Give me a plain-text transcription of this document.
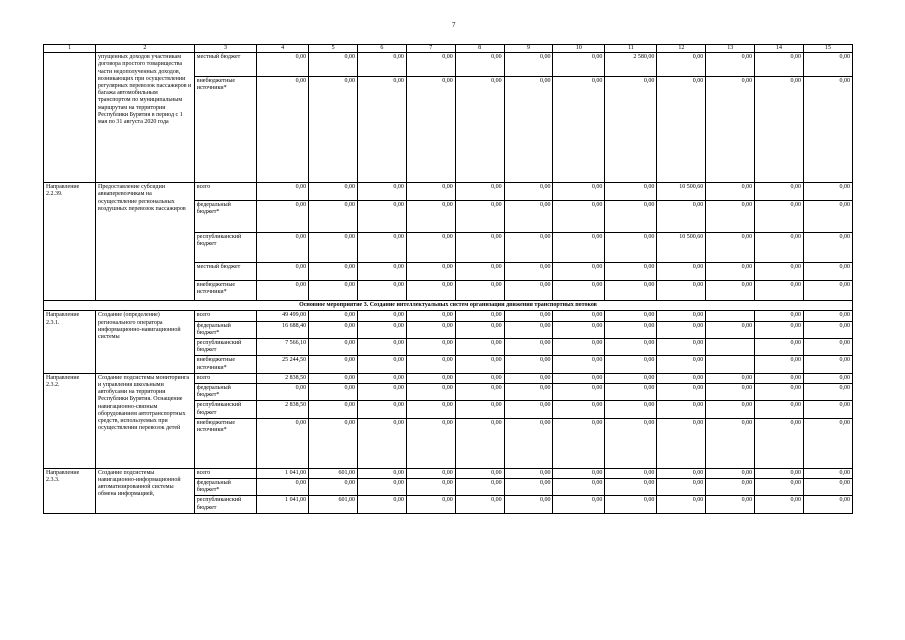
7
1	2	3	4	5	6	7	8	9	10	11	12	13	14	15
	упущенных доходов участникам договора простого товарищества части недополученных доходов, возникающих при осуществлении регулярных перевозок пассажиров и багажа автомобильным транспортом по муниципальным маршрутам на территории Республики Бурятия в период с 1 мая по 31 августа 2020 года	местный бюджет	0,00	0,00	0,00	0,00	0,00	0,00	0,00	2 580,00	0,00	0,00	0,00	0,00
		внебюджетные источники*	0,00	0,00	0,00	0,00	0,00	0,00	0,00	0,00	0,00	0,00	0,00	0,00
Направление 2.2.39.	Предоставление субсидии авиаперевозчикам на осуществление региональных воздушных перевозок пассажиров	всего	0,00	0,00	0,00	0,00	0,00	0,00	0,00	0,00	10 500,60	0,00	0,00	0,00
		федеральный бюджет*	0,00	0,00	0,00	0,00	0,00	0,00	0,00	0,00	0,00	0,00	0,00	0,00
		республиканский бюджет	0,00	0,00	0,00	0,00	0,00	0,00	0,00	0,00	10 500,60	0,00	0,00	0,00
		местный бюджет	0,00	0,00	0,00	0,00	0,00	0,00	0,00	0,00	0,00	0,00	0,00	0,00
		внебюджетные источники*	0,00	0,00	0,00	0,00	0,00	0,00	0,00	0,00	0,00	0,00	0,00	0,00
Основное мероприятие 3. Создание интеллектуальных систем организации движения транспортных потоков														
Направление 2.3.1.	Создание (определение) регионального оператора информационно-навигационной системы	всего	49 499,00	0,00	0,00	0,00	0,00	0,00	0,00	0,00	0,00		0,00	0,00
		федеральный бюджет*	16 688,40	0,00	0,00	0,00	0,00	0,00	0,00	0,00	0,00	0,00	0,00	0,00
		республиканский бюджет	7 566,10	0,00	0,00	0,00	0,00	0,00	0,00	0,00	0,00		0,00	0,00
		внебюджетные источники*	25 244,50	0,00	0,00	0,00	0,00	0,00	0,00	0,00	0,00		0,00	0,00
Направление 2.3.2.	Создание подсистемы мониторинга и управления школьными автобусами на территории Республики Бурятия. Оснащение навигационно-связным оборудованием автотранспортных средств, используемых при осуществлении перевозок детей	всего	2 838,50	0,00	0,00	0,00	0,00	0,00	0,00	0,00	0,00	0,00	0,00	0,00
		федеральный бюджет*	0,00	0,00	0,00	0,00	0,00	0,00	0,00	0,00	0,00	0,00	0,00	0,00
		республиканский бюджет	2 838,50	0,00	0,00	0,00	0,00	0,00	0,00	0,00	0,00	0,00	0,00	0,00
		внебюджетные источники*	0,00	0,00	0,00	0,00	0,00	0,00	0,00	0,00	0,00	0,00	0,00	0,00
Направление 2.3.3.	Создание подсистемы навигационно-информационной автоматизированной системы обмена информацией,	всего	1 041,00	601,00	0,00	0,00	0,00	0,00	0,00	0,00	0,00	0,00	0,00	0,00
		федеральный бюджет*	0,00	0,00	0,00	0,00	0,00	0,00	0,00	0,00	0,00	0,00	0,00	0,00
		республиканский бюджет	1 041,00	601,00	0,00	0,00	0,00	0,00	0,00	0,00	0,00	0,00	0,00	0,00
